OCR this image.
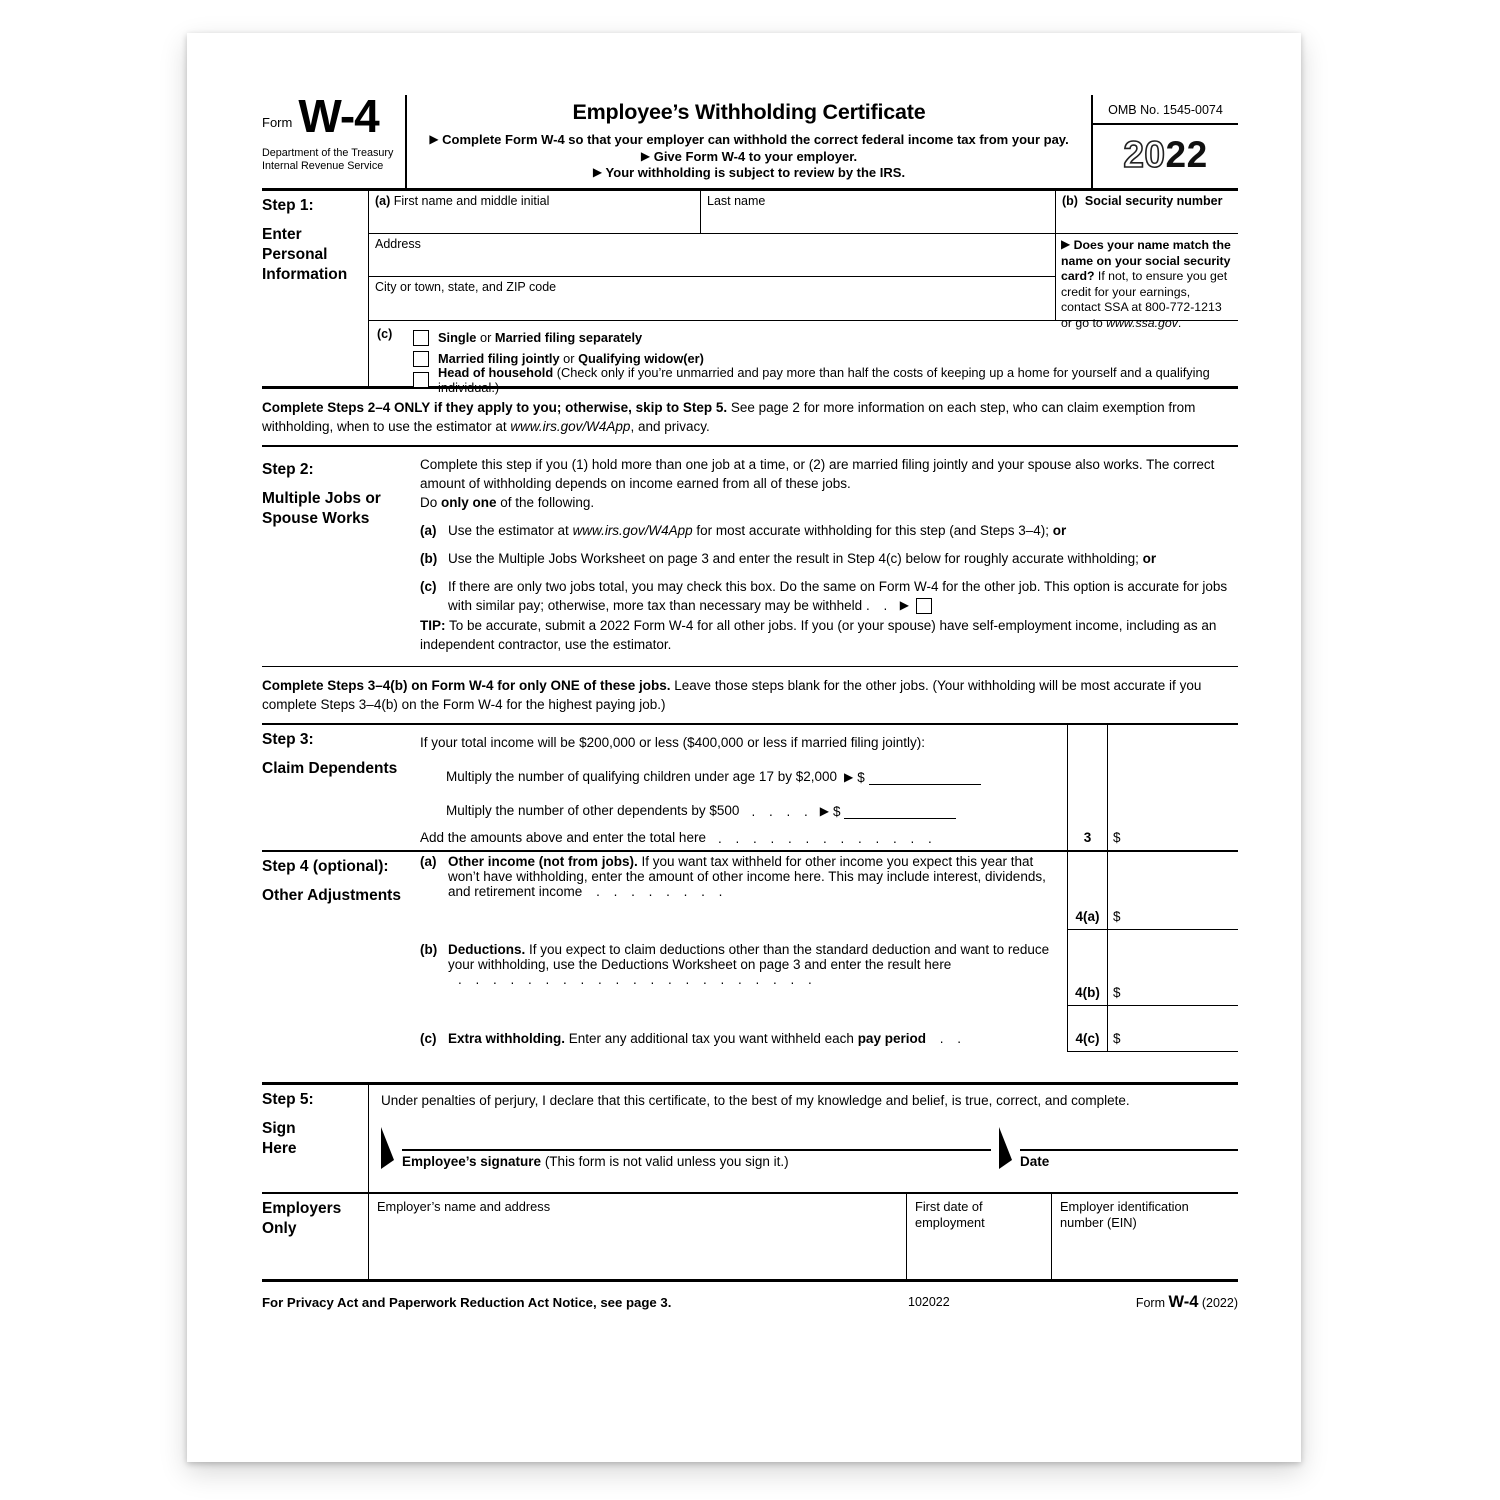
Form W-4
Department of the Treasury
Internal Revenue Service
Employee’s Withholding Certificate
▶ Complete Form W-4 so that your employer can withhold the correct federal income tax from your pay.
▶ Give Form W-4 to your employer.
▶ Your withholding is subject to review by the IRS.
OMB No. 1545-0074
2022
Step 1:
Enter Personal Information
(a) First name and middle initial	Last name	(b) Social security number
Address	▶ Does your name match the name on your social security card? If not, to ensure you get credit for your earnings, contact SSA at 800-772-1213 or go to www.ssa.gov.
City or town, state, and ZIP code
(c)	Single or Married filing separately
Married filing jointly or Qualifying widow(er)
Head of household (Check only if you’re unmarried and pay more than half the costs of keeping up a home for yourself and a qualifying individual.)
Complete Steps 2–4 ONLY if they apply to you; otherwise, skip to Step 5. See page 2 for more information on each step, who can claim exemption from withholding, when to use the estimator at www.irs.gov/W4App, and privacy.
Step 2:
Multiple Jobs or Spouse Works

Complete this step if you (1) hold more than one job at a time, or (2) are married filing jointly and your spouse also works. The correct amount of withholding depends on income earned from all of these jobs.

Do only one of the following.

(a) Use the estimator at www.irs.gov/W4App for most accurate withholding for this step (and Steps 3–4); or
(b) Use the Multiple Jobs Worksheet on page 3 and enter the result in Step 4(c) below for roughly accurate withholding; or
(c) If there are only two jobs total, you may check this box. Do the same on Form W-4 for the other job. This option is accurate for jobs with similar pay; otherwise, more tax than necessary may be withheld . . ▶

TIP: To be accurate, submit a 2022 Form W-4 for all other jobs. If you (or your spouse) have self-employment income, including as an independent contractor, use the estimator.

Complete Steps 3–4(b) on Form W-4 for only ONE of these jobs. Leave those steps blank for the other jobs. (Your withholding will be most accurate if you complete Steps 3–4(b) on the Form W-4 for the highest paying job.)
Step 3:
Claim Dependents
If your total income will be $200,000 or less ($400,000 or less if married filing jointly):
Multiply the number of qualifying children under age 17 by $2,000 ▶ $
Multiply the number of other dependents by $500 . . . . ▶ $
Add the amounts above and enter the total here . . . . . . . . . . . . .	3	$
Step 4 (optional):
Other Adjustments
(a) Other income (not from jobs). If you want tax withheld for other income you expect this year that won’t have withholding, enter the amount of other income here. This may include interest, dividends, and retirement income . . . . . . . .
4(a)	$
(b) Deductions. If you expect to claim deductions other than the standard deduction and want to reduce your withholding, use the Deductions Worksheet on page 3 and enter the result here . . . . . . . . . . . . . . . . . . . . .
4(b) $
(c) Extra withholding. Enter any additional tax you want withheld each pay period . .	4(c)	$
Step 5:
Sign Here
Under penalties of perjury, I declare that this certificate, to the best of my knowledge and belief, is true, correct, and complete.
Employee’s signature (This form is not valid unless you sign it.)	Date
Employers Only
Employer’s name and address	First date of employment
Employer identification number (EIN)
For Privacy Act and Paperwork Reduction Act Notice, see page 3.	102022	Form W-4 (2022)
